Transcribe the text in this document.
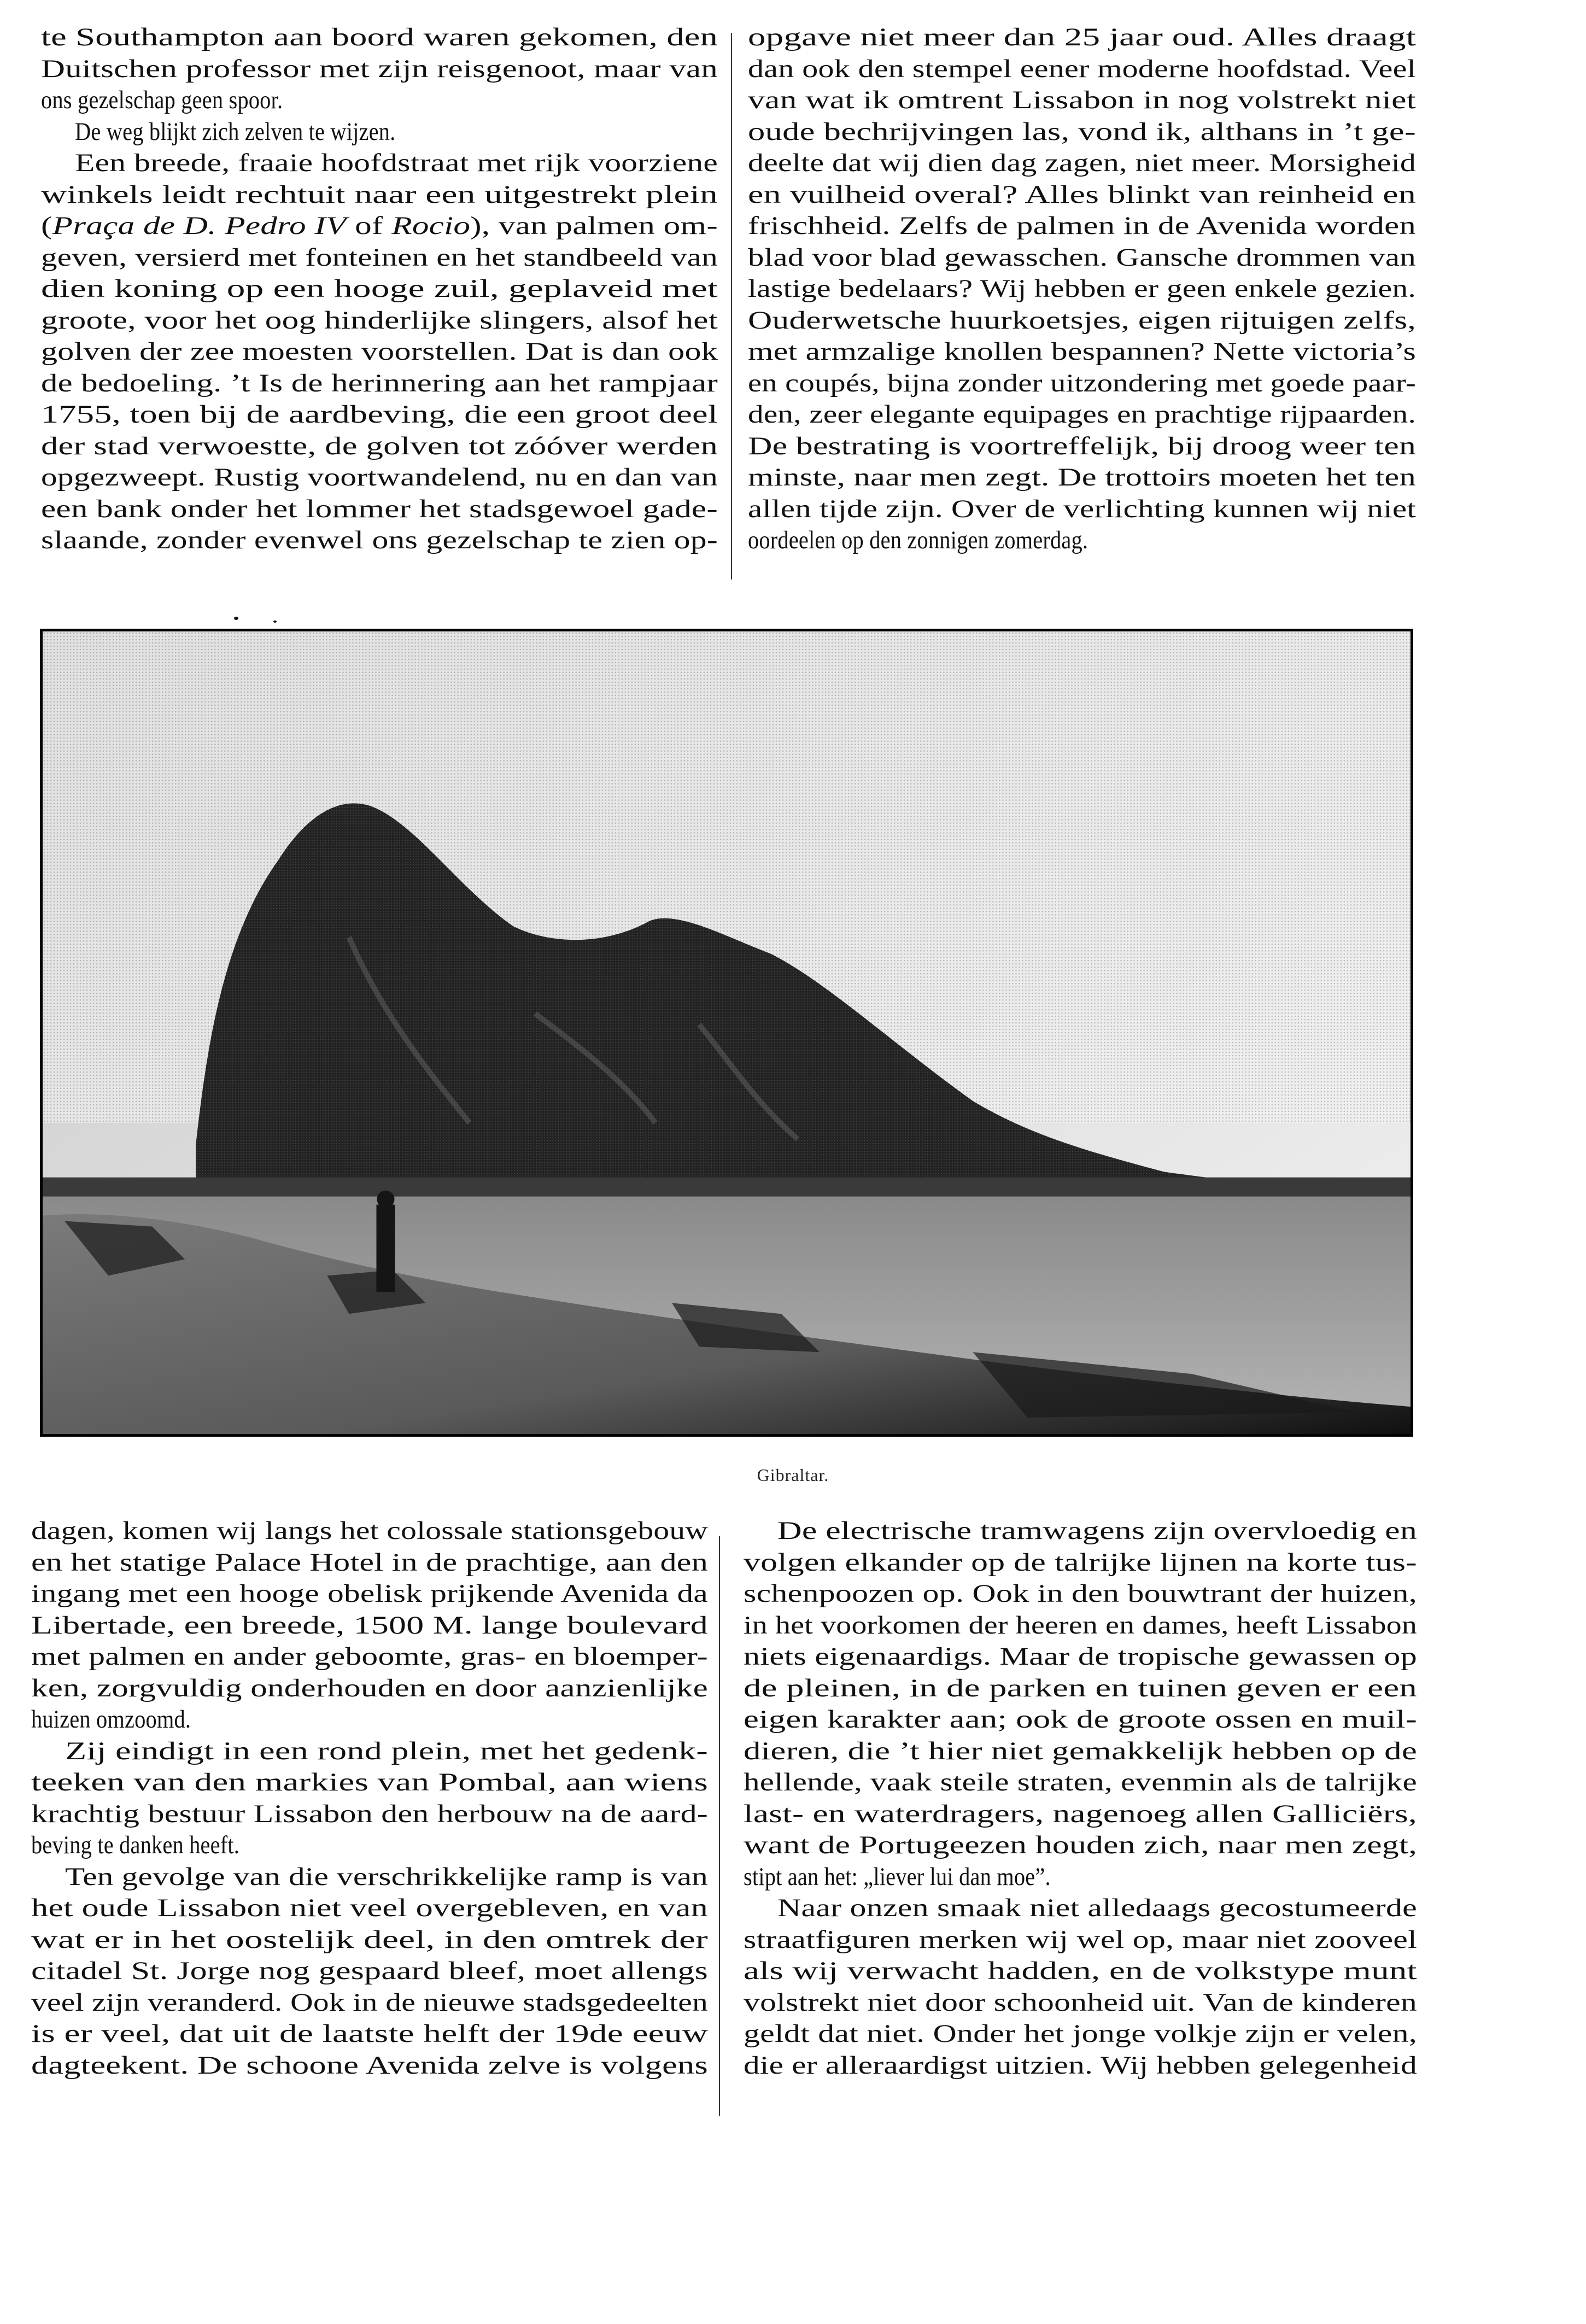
te Southampton aan boord waren gekomen, den
Duitschen professor met zijn reisgenoot, maar van
ons gezelschap geen spoor.
De weg blijkt zich zelven te wijzen.
Een breede, fraaie hoofdstraat met rijk voorziene
winkels leidt rechtuit naar een uitgestrekt plein
(Praça de D. Pedro IV of Rocio), van palmen om-
geven, versierd met fonteinen en het standbeeld van
dien koning op een hooge zuil, geplaveid met
groote, voor het oog hinderlijke slingers, alsof het
golven der zee moesten voorstellen. Dat is dan ook
de bedoeling. ’t Is de herinnering aan het rampjaar
1755, toen bij de aardbeving, die een groot deel
der stad verwoestte, de golven tot zóóver werden
opgezweept. Rustig voortwandelend, nu en dan van
een bank onder het lommer het stadsgewoel gade-
slaande, zonder evenwel ons gezelschap te zien op-
opgave niet meer dan 25 jaar oud. Alles draagt
dan ook den stempel eener moderne hoofdstad. Veel
van wat ik omtrent Lissabon in nog volstrekt niet
oude bechrijvingen las, vond ik, althans in ’t ge-
deelte dat wij dien dag zagen, niet meer. Morsigheid
en vuilheid overal? Alles blinkt van reinheid en
frischheid. Zelfs de palmen in de Avenida worden
blad voor blad gewasschen. Gansche drommen van
lastige bedelaars? Wij hebben er geen enkele gezien.
Ouderwetsche huurkoetsjes, eigen rijtuigen zelfs,
met armzalige knollen bespannen? Nette victoria’s
en coupés, bijna zonder uitzondering met goede paar-
den, zeer elegante equipages en prachtige rijpaarden.
De bestrating is voortreffelijk, bij droog weer ten
minste, naar men zegt. De trottoirs moeten het ten
allen tijde zijn. Over de verlichting kunnen wij niet
oordeelen op den zonnigen zomerdag.
Gibraltar.
dagen, komen wij langs het colossale stationsgebouw
en het statige Palace Hotel in de prachtige, aan den
ingang met een hooge obelisk prijkende Avenida da
Libertade, een breede, 1500 M. lange boulevard
met palmen en ander geboomte, gras- en bloemper-
ken, zorgvuldig onderhouden en door aanzienlijke
huizen omzoomd.
Zij eindigt in een rond plein, met het gedenk-
teeken van den markies van Pombal, aan wiens
krachtig bestuur Lissabon den herbouw na de aard-
beving te danken heeft.
Ten gevolge van die verschrikkelijke ramp is van
het oude Lissabon niet veel overgebleven, en van
wat er in het oostelijk deel, in den omtrek der
citadel St. Jorge nog gespaard bleef, moet allengs
veel zijn veranderd. Ook in de nieuwe stadsgedeelten
is er veel, dat uit de laatste helft der 19de eeuw
dagteekent. De schoone Avenida zelve is volgens
De electrische tramwagens zijn overvloedig en
volgen elkander op de talrijke lijnen na korte tus-
schenpoozen op. Ook in den bouwtrant der huizen,
in het voorkomen der heeren en dames, heeft Lissabon
niets eigenaardigs. Maar de tropische gewassen op
de pleinen, in de parken en tuinen geven er een
eigen karakter aan; ook de groote ossen en muil-
dieren, die ’t hier niet gemakkelijk hebben op de
hellende, vaak steile straten, evenmin als de talrijke
last- en waterdragers, nagenoeg allen Galliciërs,
want de Portugeezen houden zich, naar men zegt,
stipt aan het: „liever lui dan moe”.
Naar onzen smaak niet alledaags gecostumeerde
straatfiguren merken wij wel op, maar niet zooveel
als wij verwacht hadden, en de volkstype munt
volstrekt niet door schoonheid uit. Van de kinderen
geldt dat niet. Onder het jonge volkje zijn er velen,
die er alleraardigst uitzien. Wij hebben gelegenheid
